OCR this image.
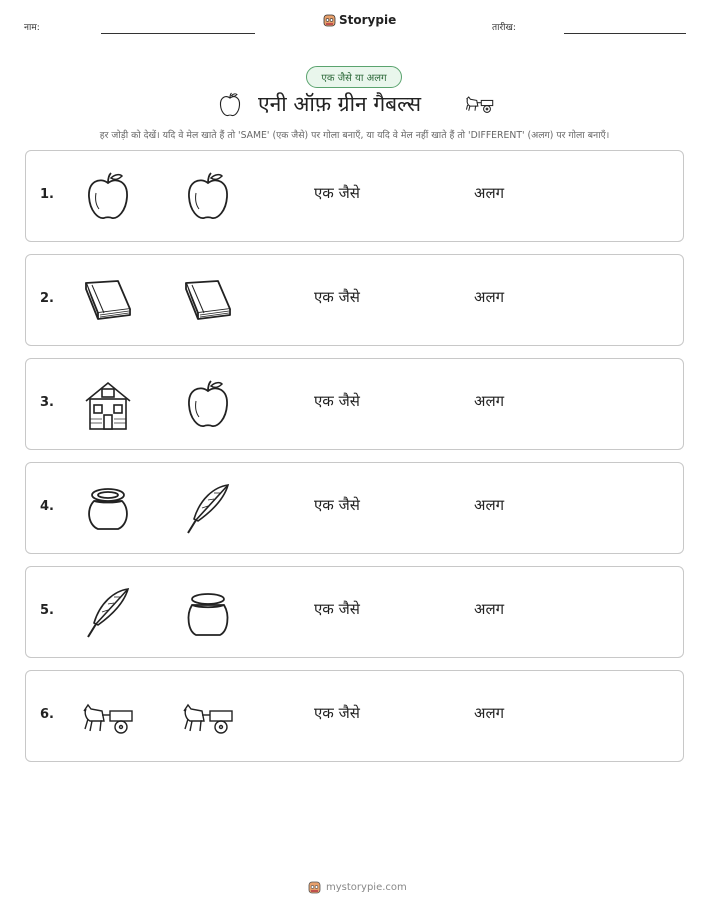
नाम:
Storypie
तारीख:
एक जैसे या अलग
एनी ऑफ़ ग्रीन गैबल्स
हर जोड़ी को देखें। यदि वे मेल खाते हैं तो 'SAME' (एक जैसे) पर गोला बनाएँ, या यदि वे मेल नहीं खाते हैं तो 'DIFFERENT' (अलग) पर गोला बनाएँ।
1.	एक जैसे	अलग
2.	एक जैसे	अलग
3.	एक जैसे	अलग
4.	एक जैसे	अलग
5.	एक जैसे	अलग
6.	एक जैसे	अलग
mystorypie.com
